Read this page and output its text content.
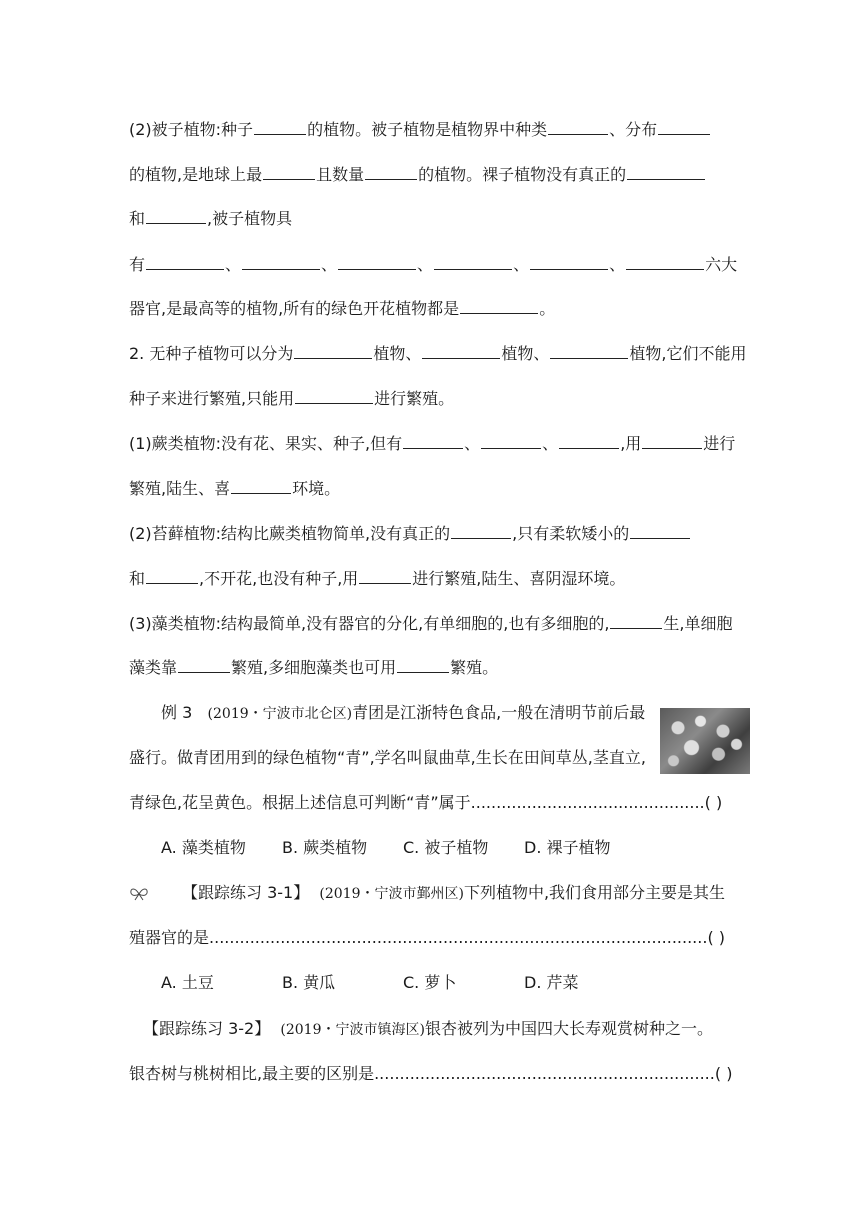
(2)被子植物:种子	的植物。被子植物是植物界中种类	、分布
的植物,是地球上最	且数量	的植物。裸子植物没有真正的
和	,被子植物具
有	、	、	、	、	、	六大
器官,是最高等的植物,所有的绿色开花植物都是	。
2. 无种子植物可以分为	植物、	植物、	植物,它们不能用
种子来进行繁殖,只能用	进行繁殖。
(1)蕨类植物:没有花、果实、种子,但有	、	、	,用	进行
繁殖,陆生、喜	环境。
(2)苔藓植物:结构比蕨类植物简单,没有真正的	,只有柔软矮小的
和	,不开花,也没有种子,用	进行繁殖,陆生、喜阴湿环境。
(3)藻类植物:结构最简单,没有器官的分化,有单细胞的,也有多细胞的,	生,单细胞
藻类靠	繁殖,多细胞藻类也可用	繁殖。
例 3 (2019・宁波市北仑区)青团是江浙特色食品,一般在清明节前后最
盛行。做青团用到的绿色植物“青”,学名叫鼠曲草,生长在田间草丛,茎直立,
青绿色,花呈黄色。根据上述信息可判断“青”属于..............................................( )
A. 藻类植物 B. 蕨类植物 C. 被子植物 D. 裸子植物
【跟踪练习 3-1】 (2019・宁波市鄞州区)下列植物中,我们食用部分主要是其生
殖器官的是..................................................................................................( )
A. 土豆	B. 黄瓜	C. 萝卜	D. 芹菜
【跟踪练习 3-2】 (2019・宁波市镇海区)银杏被列为中国四大长寿观赏树种之一。
银杏树与桃树相比,最主要的区别是...................................................................( )
